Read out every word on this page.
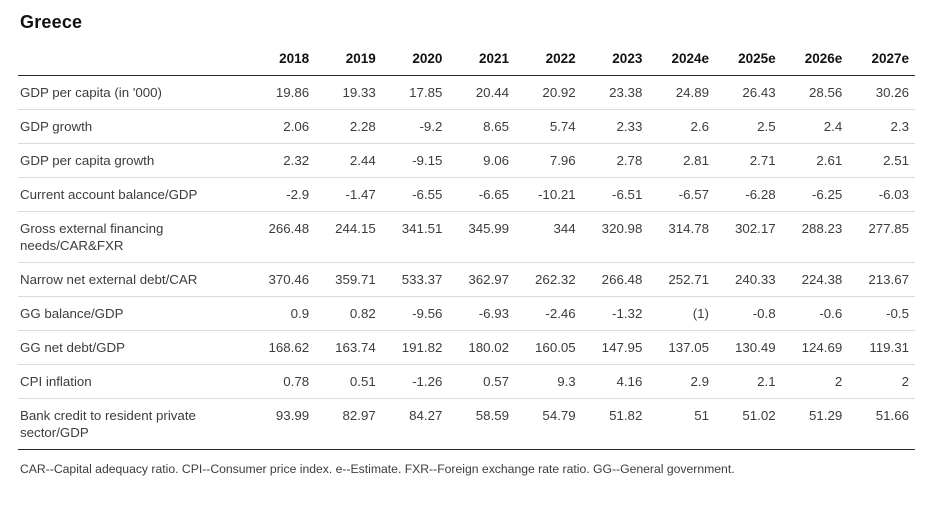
Greece
	2018	2019	2020	2021	2022	2023	2024e	2025e	2026e	2027e
GDP per capita (in '000)	19.86	19.33	17.85	20.44	20.92	23.38	24.89	26.43	28.56	30.26
GDP growth	2.06	2.28	-9.2	8.65	5.74	2.33	2.6	2.5	2.4	2.3
GDP per capita growth	2.32	2.44	-9.15	9.06	7.96	2.78	2.81	2.71	2.61	2.51
Current account balance/GDP	-2.9	-1.47	-6.55	-6.65	-10.21	-6.51	-6.57	-6.28	-6.25	-6.03
Gross external financing needs/CAR&FXR	266.48	244.15	341.51	345.99	344	320.98	314.78	302.17	288.23	277.85
Narrow net external debt/CAR	370.46	359.71	533.37	362.97	262.32	266.48	252.71	240.33	224.38	213.67
GG balance/GDP	0.9	0.82	-9.56	-6.93	-2.46	-1.32	(1)	-0.8	-0.6	-0.5
GG net debt/GDP	168.62	163.74	191.82	180.02	160.05	147.95	137.05	130.49	124.69	119.31
CPI inflation	0.78	0.51	-1.26	0.57	9.3	4.16	2.9	2.1	2	2
Bank credit to resident private sector/GDP	93.99	82.97	84.27	58.59	54.79	51.82	51	51.02	51.29	51.66
CAR--Capital adequacy ratio. CPI--Consumer price index. e--Estimate. FXR--Foreign exchange rate ratio. GG--General government.
